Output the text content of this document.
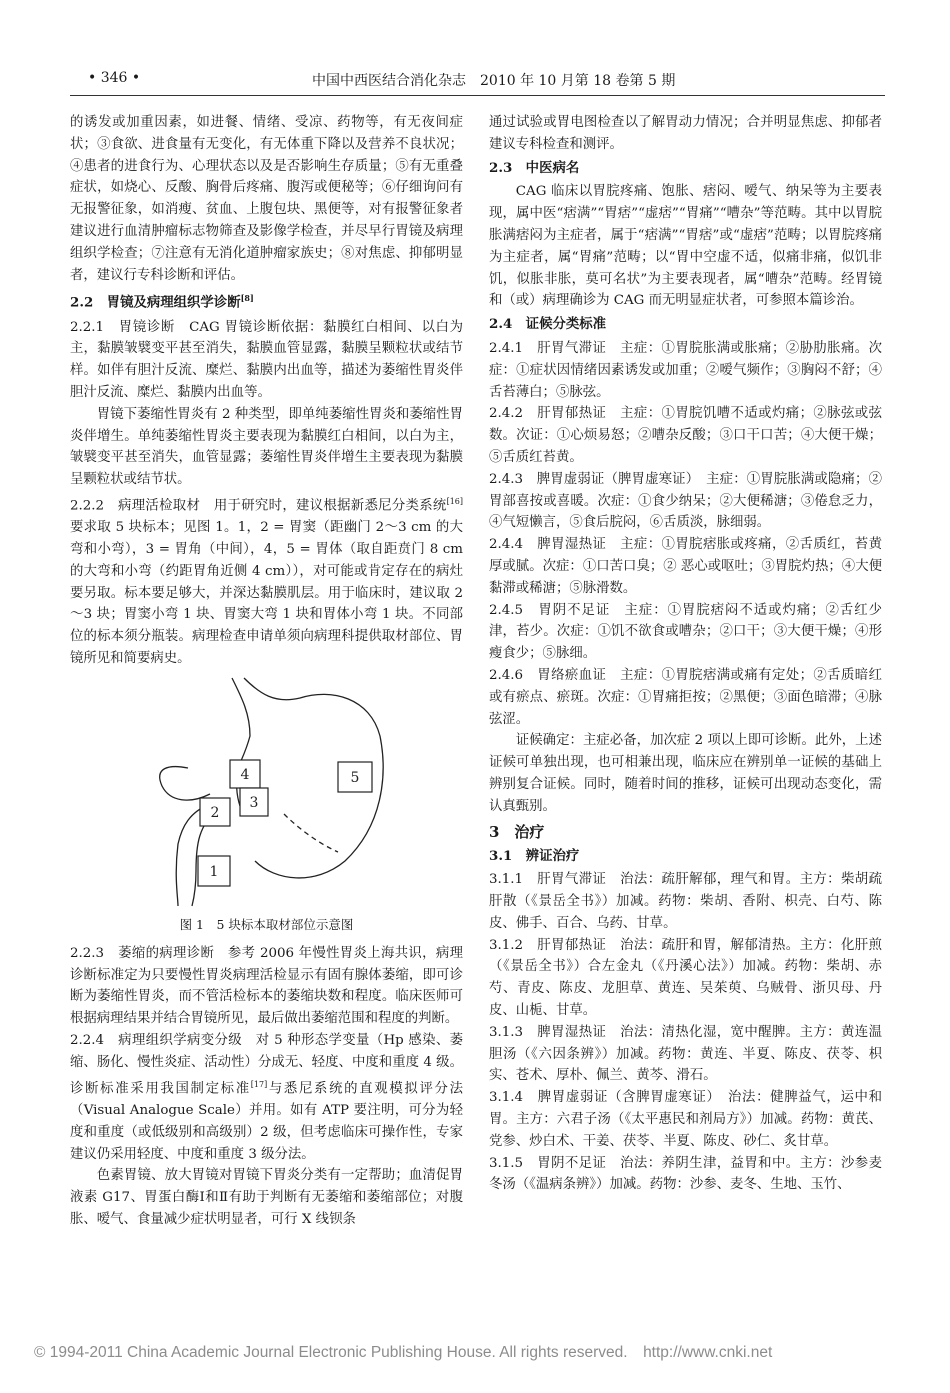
• 346 •	中国中西医结合消化杂志　2010 年 10 月第 18 卷第 5 期

的诱发或加重因素，如进餐、情绪、受凉、药物等，有无夜间症状；③食欲、进食量有无变化，有无体重下降以及营养不良状况；④患者的进食行为、心理状态以及是否影响生存质量；⑤有无重叠症状，如烧心、反酸、胸骨后疼痛、腹泻或便秘等；⑥仔细询问有无报警征象，如消瘦、贫血、上腹包块、黑便等，对有报警征象者建议进行血清肿瘤标志物筛查及影像学检查，并尽早行胃镜及病理组织学检查；⑦注意有无消化道肿瘤家族史；⑧对焦虑、抑郁明显者，建议行专科诊断和评估。

2.2　胃镜及病理组织学诊断[8]

2.2.1　胃镜诊断　CAG 胃镜诊断依据：黏膜红白相间、以白为主，黏膜皱襞变平甚至消失，黏膜血管显露，黏膜呈颗粒状或结节样。如伴有胆汁反流、糜烂、黏膜内出血等，描述为萎缩性胃炎伴胆汁反流、糜烂、黏膜内出血等。

胃镜下萎缩性胃炎有 2 种类型，即单纯萎缩性胃炎和萎缩性胃炎伴增生。单纯萎缩性胃炎主要表现为黏膜红白相间，以白为主，皱襞变平甚至消失，血管显露；萎缩性胃炎伴增生主要表现为黏膜呈颗粒状或结节状。

2.2.2　病理活检取材　用于研究时，建议根据新悉尼分类系统[16]要求取 5 块标本；见图 1。1，2 = 胃窦（距幽门 2～3 cm 的大弯和小弯），3 = 胃角（中间），4，5 = 胃体（取自距贲门 8 cm 的大弯和小弯（约距胃角近侧 4 cm）），对可能或肯定存在的病灶要另取。标本要足够大，并深达黏膜肌层。用于临床时，建议取 2～3 块；胃窦小弯 1 块、胃窦大弯 1 块和胃体小弯 1 块。不同部位的标本须分瓶装。病理检查申请单须向病理科提供取材部位、胃镜所见和简要病史。

4
3
2
5
1

图 1　5 块标本取材部位示意图

2.2.3　萎缩的病理诊断　参考 2006 年慢性胃炎上海共识，病理诊断标准定为只要慢性胃炎病理活检显示有固有腺体萎缩，即可诊断为萎缩性胃炎，而不管活检标本的萎缩块数和程度。临床医师可根据病理结果并结合胃镜所见，最后做出萎缩范围和程度的判断。

2.2.4　病理组织学病变分级　对 5 种形态学变量（Hp 感染、萎缩、肠化、慢性炎症、活动性）分成无、轻度、中度和重度 4 级。诊断标准采用我国制定标准[17]与悉尼系统的直观模拟评分法（Visual Analogue Scale）并用。如有 ATP 要注明，可分为轻度和重度（或低级别和高级别）2 级，但考虑临床可操作性，专家建议仍采用轻度、中度和重度 3 级分法。

色素胃镜、放大胃镜对胃镜下胃炎分类有一定帮助；血清促胃液素 G17、胃蛋白酶Ⅰ和Ⅱ有助于判断有无萎缩和萎缩部位；对腹胀、嗳气、食量减少症状明显者，可行 X 线钡条

通过试验或胃电图检查以了解胃动力情况；合并明显焦虑、抑郁者建议专科检查和测评。

2.3　中医病名

CAG 临床以胃脘疼痛、饱胀、痞闷、嗳气、纳呆等为主要表现，属中医“痞满”“胃痞”“虚痞”“胃痛”“嘈杂”等范畴。其中以胃脘胀满痞闷为主症者，属于“痞满”“胃痞”或“虚痞”范畴；以胃脘疼痛为主症者，属“胃痛”范畴；以“胃中空虚不适，似痛非痛，似饥非饥，似胀非胀，莫可名状”为主要表现者，属“嘈杂”范畴。经胃镜和（或）病理确诊为 CAG 而无明显症状者，可参照本篇诊治。

2.4　证候分类标准

2.4.1　肝胃气滞证　主症：①胃脘胀满或胀痛；②胁肋胀痛。次症：①症状因情绪因素诱发或加重；②嗳气频作；③胸闷不舒；④舌苔薄白；⑤脉弦。

2.4.2　肝胃郁热证　主症：①胃脘饥嘈不适或灼痛；②脉弦或弦数。次证：①心烦易怒；②嘈杂反酸；③口干口苦；④大便干燥；⑤舌质红苔黄。

2.4.3　脾胃虚弱证（脾胃虚寒证）　主症：①胃脘胀满或隐痛；②胃部喜按或喜暖。次症：①食少纳呆；②大便稀溏；③倦怠乏力，④气短懒言，⑤食后脘闷，⑥舌质淡，脉细弱。

2.4.4　脾胃湿热证　主症：①胃脘痞胀或疼痛，②舌质红，苔黄厚或腻。次症：①口苦口臭；② 恶心或呕吐；③胃脘灼热；④大便黏滞或稀溏；⑤脉滑数。

2.4.5　胃阴不足证　主症：①胃脘痞闷不适或灼痛；②舌红少津，苔少。次症：①饥不欲食或嘈杂；②口干；③大便干燥；④形瘦食少；⑤脉细。

2.4.6　胃络瘀血证　主症：①胃脘痞满或痛有定处；②舌质暗红或有瘀点、瘀斑。次症：①胃痛拒按；②黑便；③面色暗滞；④脉弦涩。

证候确定：主症必备，加次症 2 项以上即可诊断。此外，上述证候可单独出现，也可相兼出现，临床应在辨别单一证候的基础上辨别复合证候。同时，随着时间的推移，证候可出现动态变化，需认真甄别。

3　治疗

3.1　辨证治疗

3.1.1　肝胃气滞证　治法：疏肝解郁，理气和胃。主方：柴胡疏肝散（《景岳全书》）加减。药物：柴胡、香附、枳壳、白芍、陈皮、佛手、百合、乌药、甘草。

3.1.2　肝胃郁热证　治法：疏肝和胃，解郁清热。主方：化肝煎（《景岳全书》）合左金丸（《丹溪心法》）加减。药物：柴胡、赤芍、青皮、陈皮、龙胆草、黄连、吴茱萸、乌贼骨、浙贝母、丹皮、山栀、甘草。

3.1.3　脾胃湿热证　治法：清热化湿，宽中醒脾。主方：黄连温胆汤（《六因条辨》）加减。药物：黄连、半夏、陈皮、茯苓、枳实、苍术、厚朴、佩兰、黄芩、滑石。

3.1.4　脾胃虚弱证（含脾胃虚寒证）　治法：健脾益气，运中和胃。主方：六君子汤（《太平惠民和剂局方》）加减。药物：黄芪、党参、炒白术、干姜、茯苓、半夏、陈皮、砂仁、炙甘草。

3.1.5　胃阴不足证　治法：养阴生津，益胃和中。主方：沙参麦冬汤（《温病条辨》）加减。药物：沙参、麦冬、生地、玉竹、

© 1994-2011 China Academic Journal Electronic Publishing House. All rights reserved.　http://www.cnki.net
